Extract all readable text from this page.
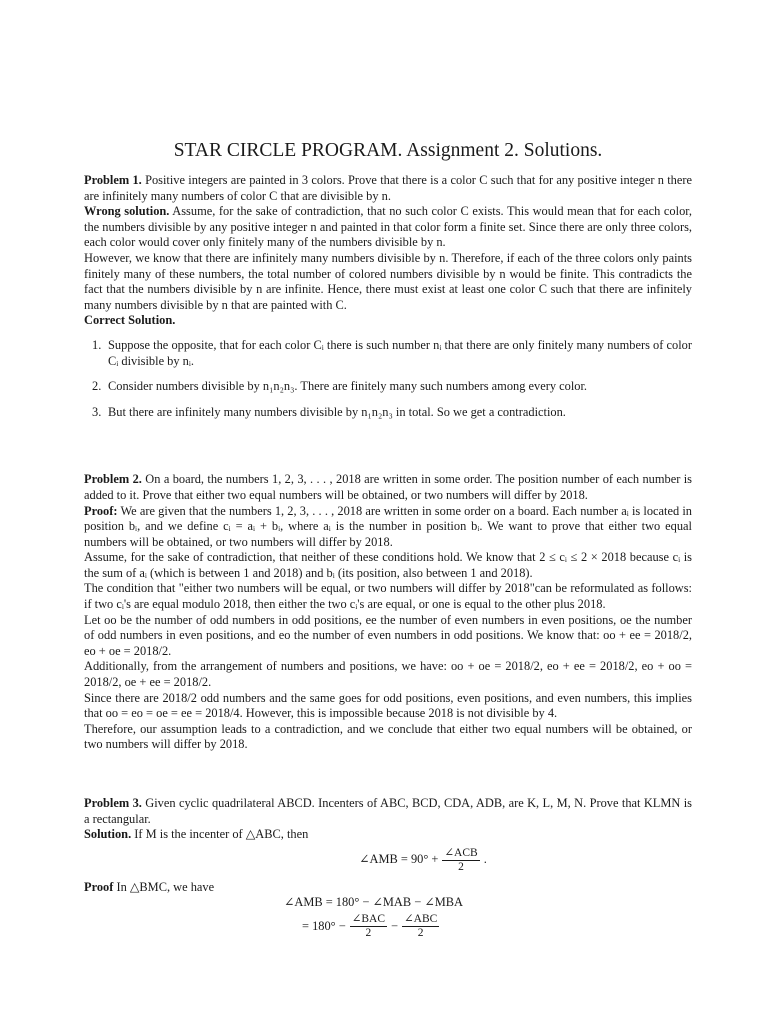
STAR CIRCLE PROGRAM. Assignment 2. Solutions.

Problem 1. Positive integers are painted in 3 colors. Prove that there is a color C such that for any positive integer n there are infinitely many numbers of color C that are divisible by n.

Wrong solution. Assume, for the sake of contradiction, that no such color C exists. This would mean that for each color, the numbers divisible by any positive integer n and painted in that color form a finite set. Since there are only three colors, each color would cover only finitely many of the numbers divisible by n.

However, we know that there are infinitely many numbers divisible by n. Therefore, if each of the three colors only paints finitely many of these numbers, the total number of colored numbers divisible by n would be finite. This contradicts the fact that the numbers divisible by n are infinite. Hence, there must exist at least one color C such that there are infinitely many numbers divisible by n that are painted with C.

Correct Solution.

1. Suppose the opposite, that for each color Cᵢ there is such number nᵢ that there are only finitely many numbers of color Cᵢ divisible by nᵢ.
2. Consider numbers divisible by n₁n₂n₃. There are finitely many such numbers among every color.
3. But there are infinitely many numbers divisible by n₁n₂n₃ in total. So we get a contradiction.

Problem 2. On a board, the numbers 1, 2, 3, . . . , 2018 are written in some order. The position number of each number is added to it. Prove that either two equal numbers will be obtained, or two numbers will differ by 2018.

Proof: We are given that the numbers 1, 2, 3, . . . , 2018 are written in some order on a board. Each number aᵢ is located in position bᵢ, and we define cᵢ = aᵢ + bᵢ, where aᵢ is the number in position bᵢ. We want to prove that either two equal numbers will be obtained, or two numbers will differ by 2018.

Assume, for the sake of contradiction, that neither of these conditions hold. We know that 2 ≤ cᵢ ≤ 2 × 2018 because cᵢ is the sum of aᵢ (which is between 1 and 2018) and bᵢ (its position, also between 1 and 2018).

The condition that "either two numbers will be equal, or two numbers will differ by 2018"can be reformulated as follows: if two cᵢ's are equal modulo 2018, then either the two cᵢ's are equal, or one is equal to the other plus 2018.

Let oo be the number of odd numbers in odd positions, ee the number of even numbers in even positions, oe the number of odd numbers in even positions, and eo the number of even numbers in odd positions. We know that: oo + ee = 2018/2, eo + oe = 2018/2.

Additionally, from the arrangement of numbers and positions, we have: oo + oe = 2018/2, eo + ee = 2018/2, eo + oo = 2018/2, oe + ee = 2018/2.

Since there are 2018/2 odd numbers and the same goes for odd positions, even positions, and even numbers, this implies that oo = eo = oe = ee = 2018/4. However, this is impossible because 2018 is not divisible by 4.

Therefore, our assumption leads to a contradiction, and we conclude that either two equal numbers will be obtained, or two numbers will differ by 2018.

Problem 3. Given cyclic quadrilateral ABCD. Incenters of ABC, BCD, CDA, ADB, are K, L, M, N. Prove that KLMN is a rectangular.

Solution. If M is the incenter of △ABC, then

∠AMB = $90^\circ + \frac{\text{∠ACB}}{2}$ .

Proof In △BMC, we have

∠AMB = 180° − ∠MAB − ∠MBA
= $180^\circ - \frac{\text{∠BAC}}{2} - \frac{\text{∠ABC}}{2}$
